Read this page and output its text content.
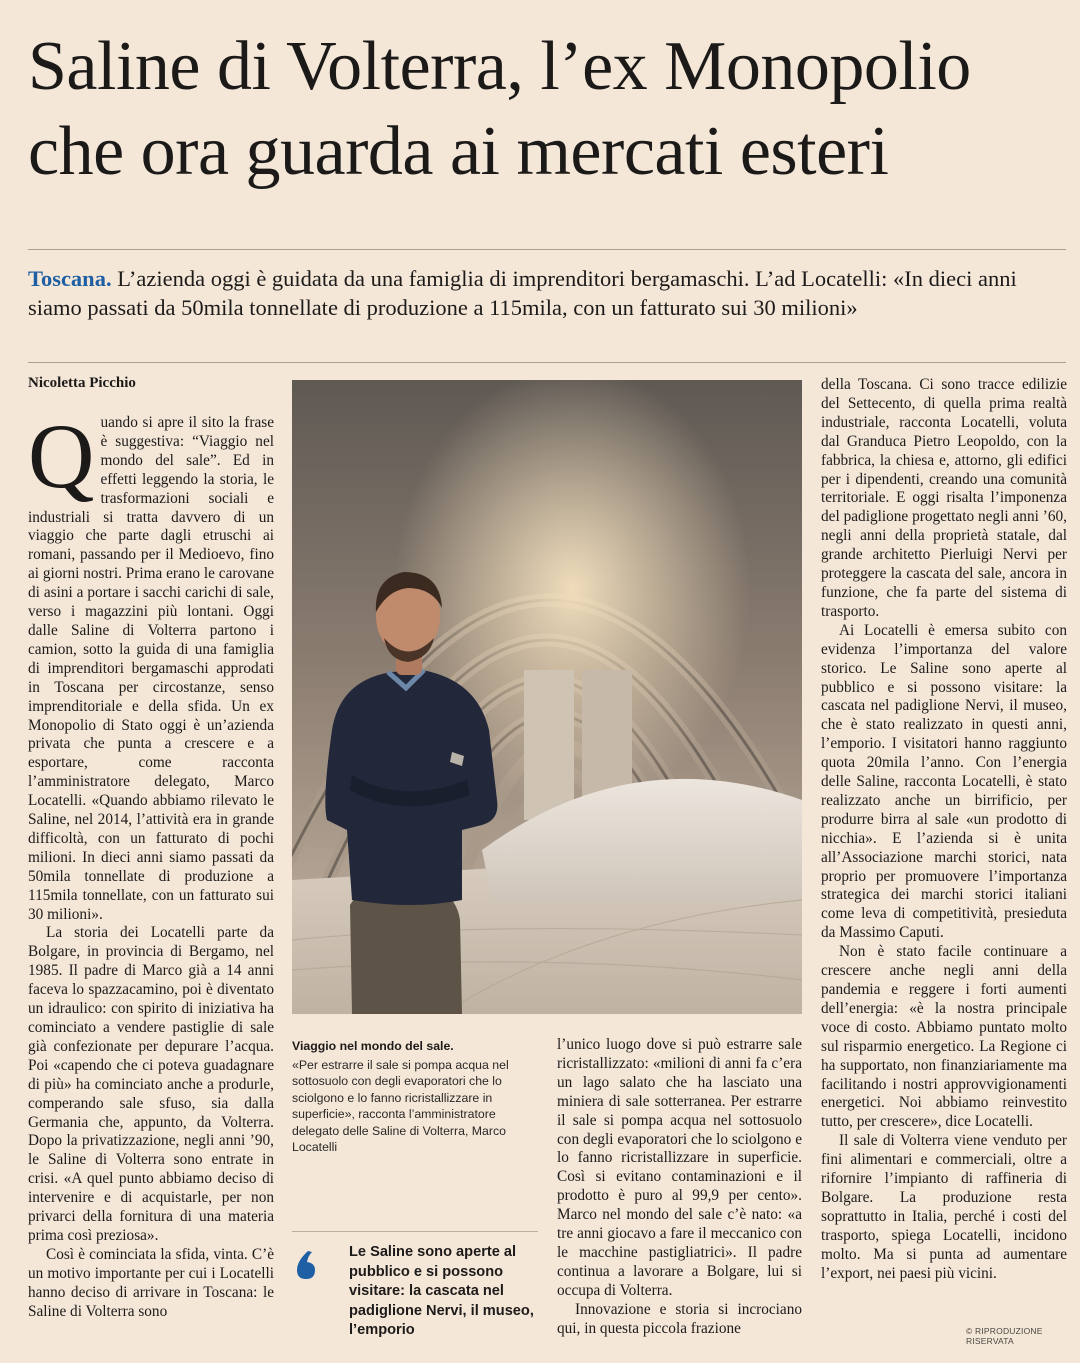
Saline di Volterra, l’ex Monopolio che ora guarda ai mercati esteri

Toscana. L’azienda oggi è guidata da una famiglia di imprenditori bergamaschi. L’ad Locatelli: «In dieci anni siamo passati da 50mila tonnellate di produzione a 115mila, con un fatturato sui 30 milioni»

Nicoletta Picchio
Q uando si apre il sito la frase è suggestiva: “Viaggio nel mondo del sale”. Ed in effetti leggendo la storia, le trasformazioni sociali e industriali si tratta davvero di un viaggio che parte dagli etruschi ai romani, passando per il Medioevo, fino ai giorni nostri. Prima erano le carovane di asini a portare i sacchi carichi di sale, verso i magazzini più lontani. Oggi dalle Saline di Volterra partono i camion, sotto la guida di una famiglia di imprenditori bergamaschi approdati in Toscana per circostanze, senso imprenditoriale e della sfida. Un ex Monopolio di Stato oggi è un’azienda privata che punta a crescere e a esportare, come racconta l’amministratore delegato, Marco Locatelli. «Quando abbiamo rilevato le Saline, nel 2014, l’attività era in grande difficoltà, con un fatturato di pochi milioni. In dieci anni siamo passati da 50mila tonnellate di produzione a 115mila tonnellate, con un fatturato sui 30 milioni».

La storia dei Locatelli parte da Bolgare, in provincia di Bergamo, nel 1985. Il padre di Marco già a 14 anni faceva lo spazzacamino, poi è diventato un idraulico: con spirito di iniziativa ha cominciato a vendere pastiglie di sale già confezionate per depurare l’acqua. Poi «capendo che ci poteva guadagnare di più» ha cominciato anche a produrle, comperando sale sfuso, sia dalla Germania che, appunto, da Volterra. Dopo la privatizzazione, negli anni ’90, le Saline di Volterra sono entrate in crisi. «A quel punto abbiamo deciso di intervenire e di acquistarle, per non privarci della fornitura di una materia prima così preziosa».

Così è cominciata la sfida, vinta. C’è un motivo importante per cui i Locatelli hanno deciso di arrivare in Toscana: le Saline di Volterra sono

Viaggio nel mondo del sale.
«Per estrarre il sale si pompa acqua nel sottosuolo con degli evaporatori che lo sciolgono e lo fanno ricristallizzare in superficie», racconta l’amministratore delegato delle Saline di Volterra, Marco Locatelli
Le Saline sono aperte al pubblico e si possono visitare: la cascata nel padiglione Nervi, il museo, l’emporio

l’unico luogo dove si può estrarre sale ricristallizzato: «milioni di anni fa c’era un lago salato che ha lasciato una miniera di sale sotterranea. Per estrarre il sale si pompa acqua nel sottosuolo con degli evaporatori che lo sciolgono e lo fanno ricristallizzare in superficie. Così si evitano contaminazioni e il prodotto è puro al 99,9 per cento». Marco nel mondo del sale c’è nato: «a tre anni giocavo a fare il meccanico con le macchine pastigliatrici». Il padre continua a lavorare a Bolgare, lui si occupa di Volterra.

Innovazione e storia si incrociano qui, in questa piccola frazione

della Toscana. Ci sono tracce edilizie del Settecento, di quella prima realtà industriale, racconta Locatelli, voluta dal Granduca Pietro Leopoldo, con la fabbrica, la chiesa e, attorno, gli edifici per i dipendenti, creando una comunità territoriale. E oggi risalta l’imponenza del padiglione progettato negli anni ’60, negli anni della proprietà statale, dal grande architetto Pierluigi Nervi per proteggere la cascata del sale, ancora in funzione, che fa parte del sistema di trasporto.

Ai Locatelli è emersa subito con evidenza l’importanza del valore storico. Le Saline sono aperte al pubblico e si possono visitare: la cascata nel padiglione Nervi, il museo, che è stato realizzato in questi anni, l’emporio. I visitatori hanno raggiunto quota 20mila l’anno. Con l’energia delle Saline, racconta Locatelli, è stato realizzato anche un birrificio, per produrre birra al sale «un prodotto di nicchia». E l’azienda si è unita all’Associazione marchi storici, nata proprio per promuovere l’importanza strategica dei marchi storici italiani come leva di competitività, presieduta da Massimo Caputi.

Non è stato facile continuare a crescere anche negli anni della pandemia e reggere i forti aumenti dell’energia: «è la nostra principale voce di costo. Abbiamo puntato molto sul risparmio energetico. La Regione ci ha supportato, non finanziariamente ma facilitando i nostri approvvigionamenti energetici. Noi abbiamo reinvestito tutto, per crescere», dice Locatelli.

Il sale di Volterra viene venduto per fini alimentari e commerciali, oltre a rifornire l’impianto di raffineria di Bolgare. La produzione resta soprattutto in Italia, perché i costi del trasporto, spiega Locatelli, incidono molto. Ma si punta ad aumentare l’export, nei paesi più vicini.

© RIPRODUZIONE RISERVATA
